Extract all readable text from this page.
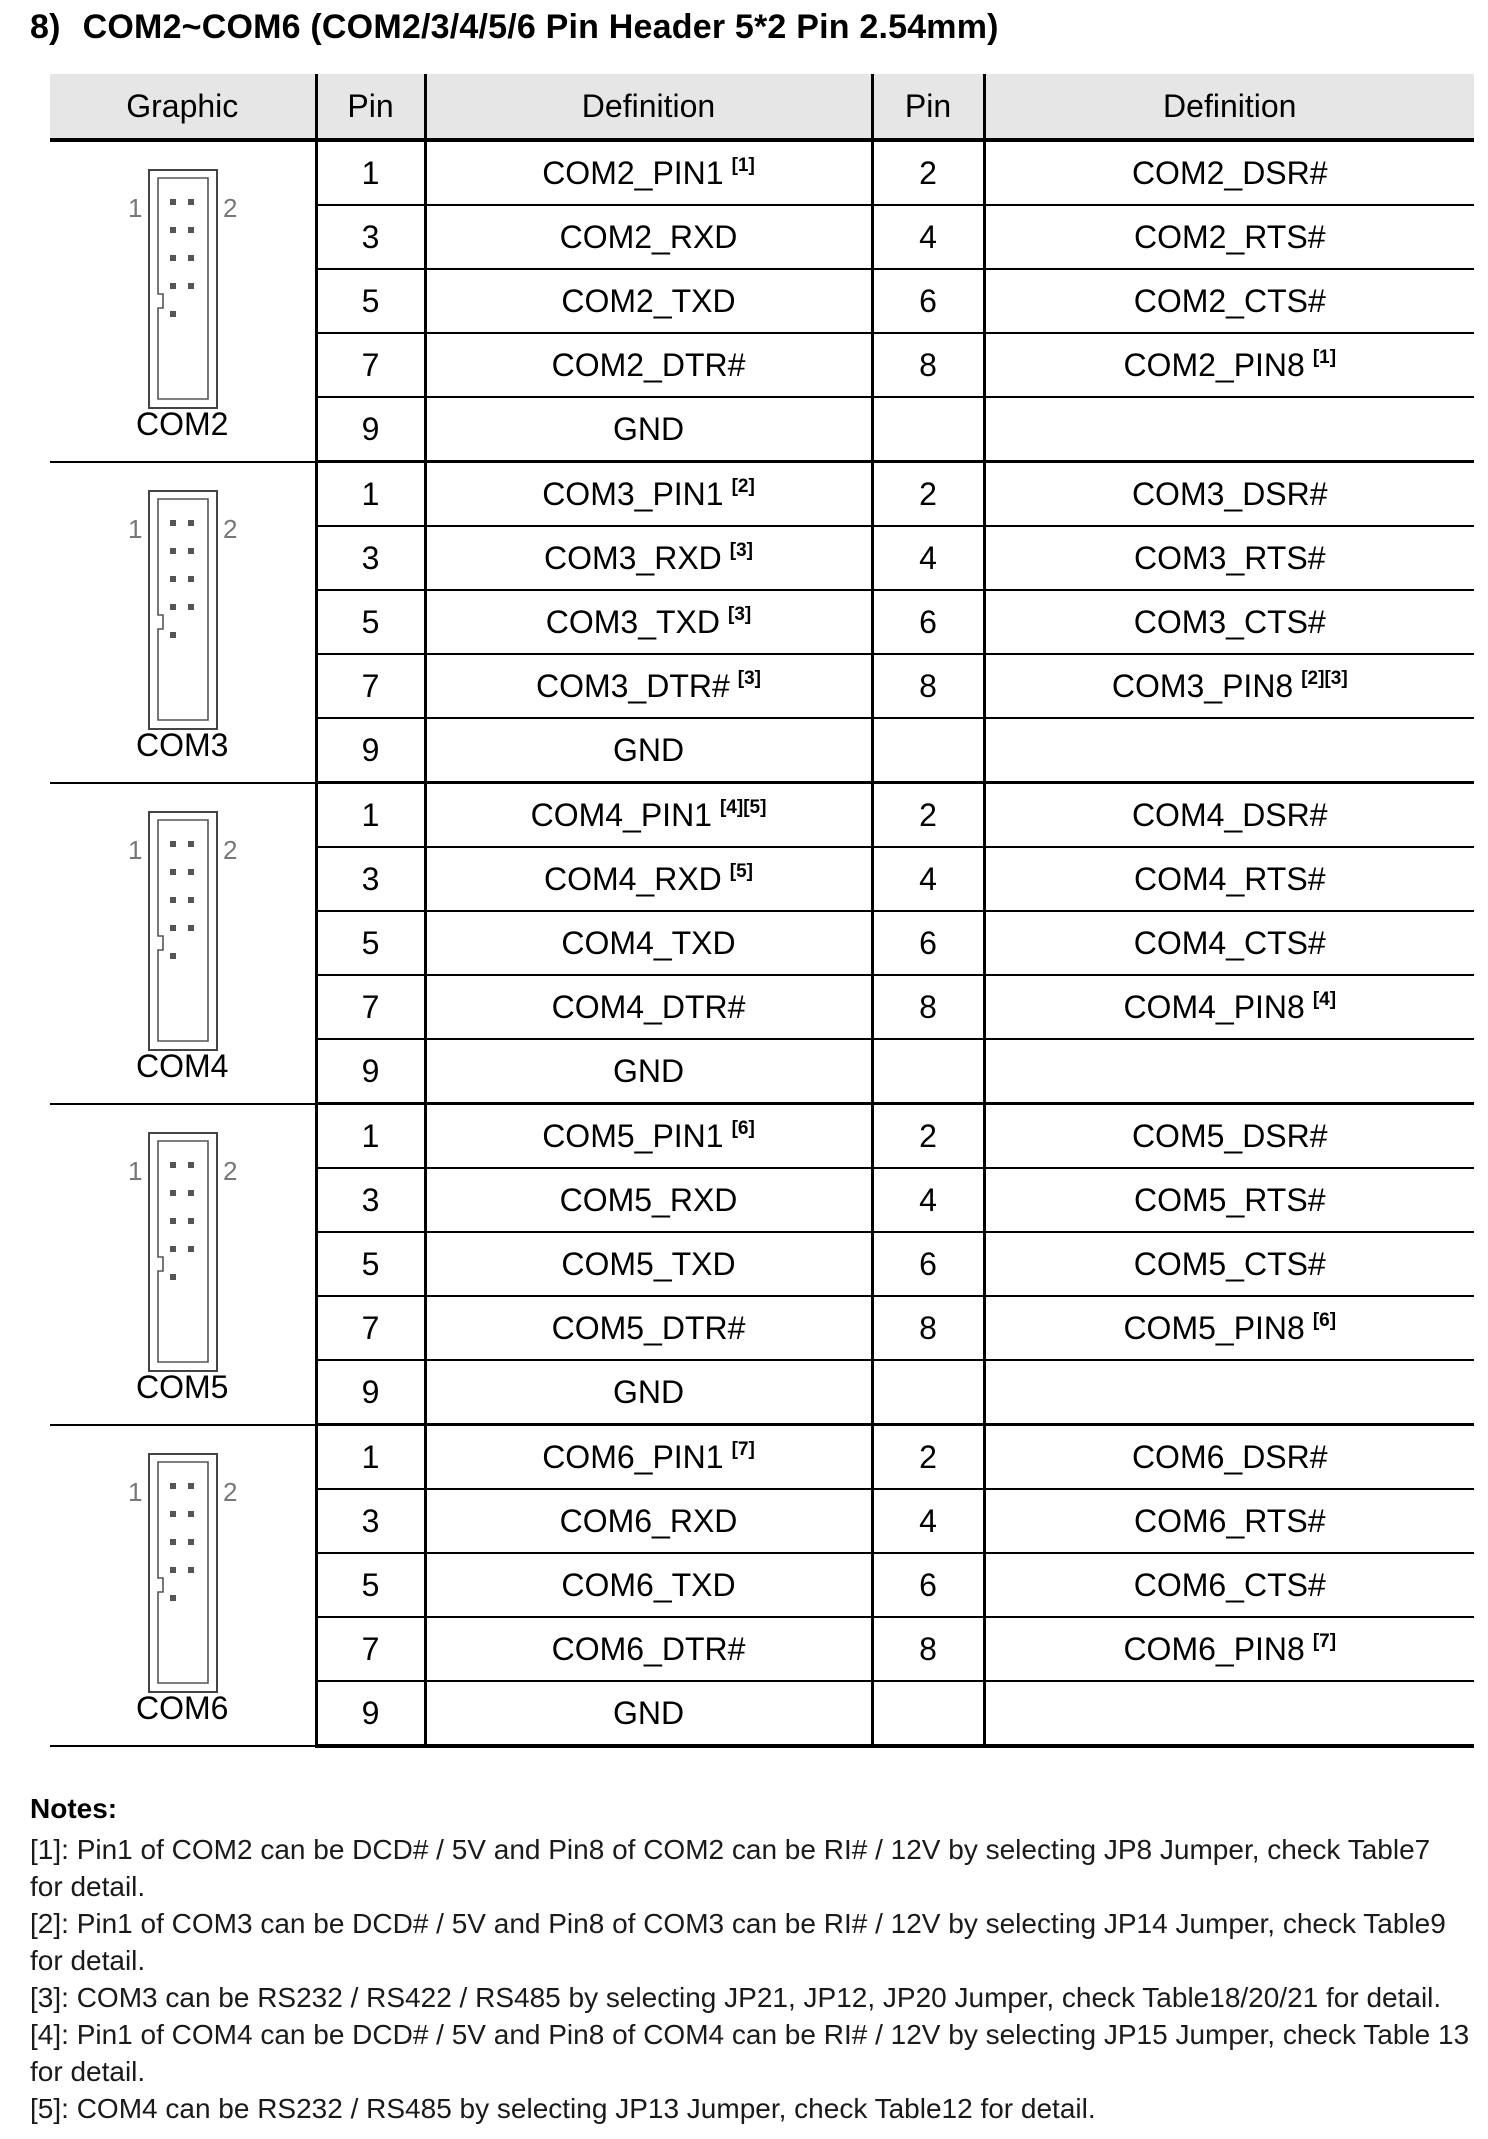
8) COM2~COM6 (COM2/3/4/5/6 Pin Header 5*2 Pin 2.54mm)
Graphic	Pin	Definition	Pin	Definition

1 2
COM2	1	COM2_PIN1 [1]	2	COM2_DSR#
	3	COM2_RXD	4	COM2_RTS#
	5	COM2_TXD	6	COM2_CTS#
	7	COM2_DTR#	8	COM2_PIN8 [1]
	9	GND		

1 2
COM3	1	COM3_PIN1 [2]	2	COM3_DSR#
	3	COM3_RXD [3]	4	COM3_RTS#
	5	COM3_TXD [3]	6	COM3_CTS#
	7	COM3_DTR# [3]	8	COM3_PIN8 [2][3]
	9	GND		

1 2
COM4	1	COM4_PIN1 [4][5]	2	COM4_DSR#
	3	COM4_RXD [5]	4	COM4_RTS#
	5	COM4_TXD	6	COM4_CTS#
	7	COM4_DTR#	8	COM4_PIN8 [4]
	9	GND		

1 2
COM5	1	COM5_PIN1 [6]	2	COM5_DSR#
	3	COM5_RXD	4	COM5_RTS#
	5	COM5_TXD	6	COM5_CTS#
	7	COM5_DTR#	8	COM5_PIN8 [6]
	9	GND		

1 2
COM6	1	COM6_PIN1 [7]	2	COM6_DSR#
	3	COM6_RXD	4	COM6_RTS#
	5	COM6_TXD	6	COM6_CTS#
	7	COM6_DTR#	8	COM6_PIN8 [7]
	9	GND		
Notes:

[1]: Pin1 of COM2 can be DCD# / 5V and Pin8 of COM2 can be RI# / 12V by selecting JP8 Jumper, check Table7 for detail.

[2]: Pin1 of COM3 can be DCD# / 5V and Pin8 of COM3 can be RI# / 12V by selecting JP14 Jumper, check Table9 for detail.

[3]: COM3 can be RS232 / RS422 / RS485 by selecting JP21, JP12, JP20 Jumper, check Table18/20/21 for detail.

[4]: Pin1 of COM4 can be DCD# / 5V and Pin8 of COM4 can be RI# / 12V by selecting JP15 Jumper, check Table 13 for detail.

[5]: COM4 can be RS232 / RS485 by selecting JP13 Jumper, check Table12 for detail.
